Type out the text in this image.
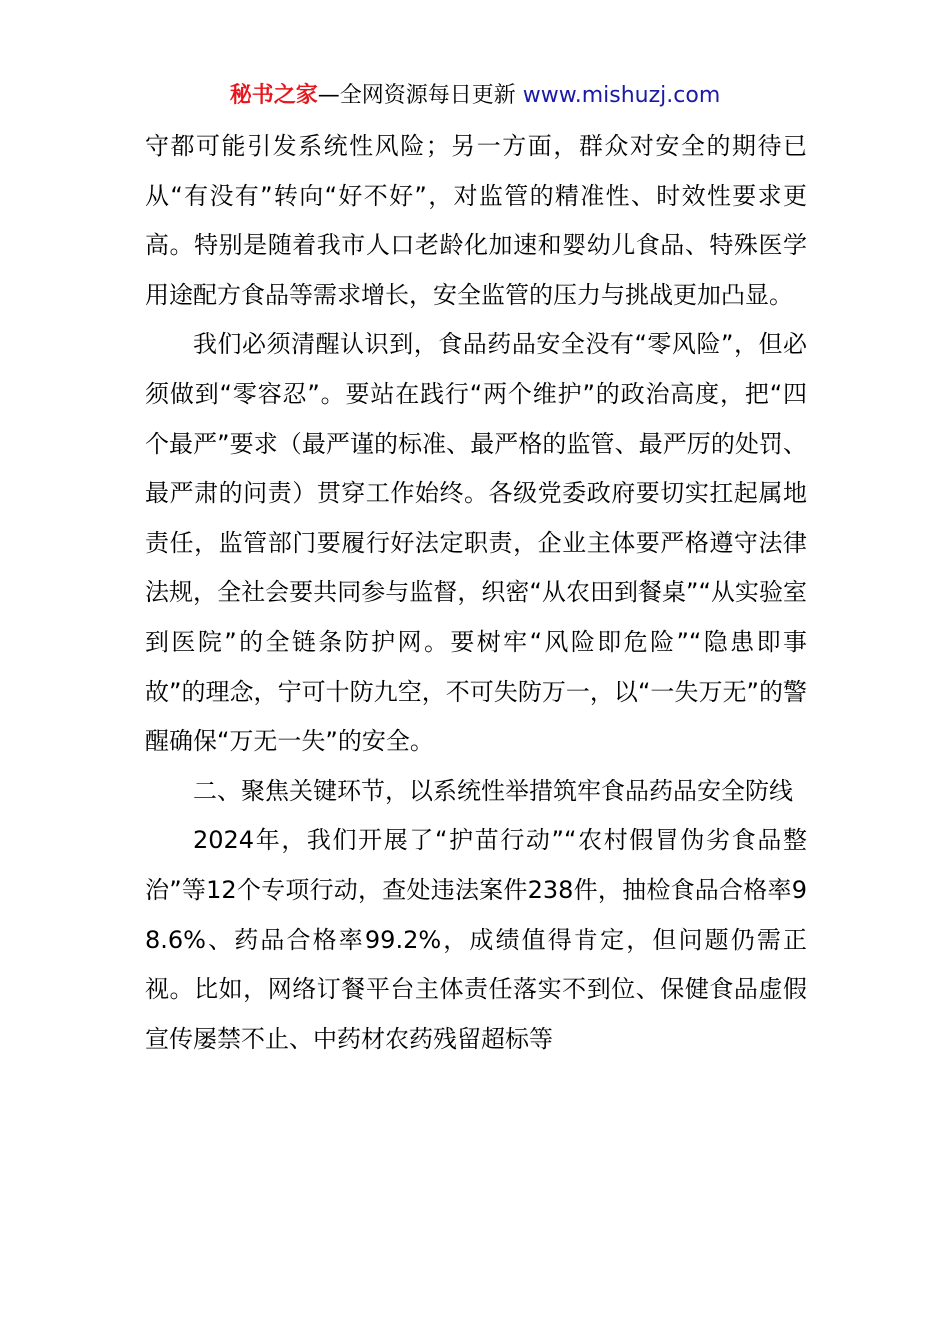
秘书之家—全网资源每日更新 www.mishuzj.com

守都可能引发系统性风险；另一方面，群众对安全的期待已从“有没有”转向“好不好”，对监管的精准性、时效性要求更高。特别是随着我市人口老龄化加速和婴幼儿食品、特殊医学用途配方食品等需求增长，安全监管的压力与挑战更加凸显。

我们必须清醒认识到，食品药品安全没有“零风险”，但必须做到“零容忍”。要站在践行“两个维护”的政治高度，把“四个最严”要求（最严谨的标准、最严格的监管、最严厉的处罚、最严肃的问责）贯穿工作始终。各级党委政府要切实扛起属地责任，监管部门要履行好法定职责，企业主体要严格遵守法律法规，全社会要共同参与监督，织密“从农田到餐桌”“从实验室到医院”的全链条防护网。要树牢“风险即危险”“隐患即事故”的理念，宁可十防九空，不可失防万一，以“一失万无”的警醒确保“万无一失”的安全。

二、聚焦关键环节，以系统性举措筑牢食品药品安全防线

2024年，我们开展了“护苗行动”“农村假冒伪劣食品整治”等12个专项行动，查处违法案件238件，抽检食品合格率98.6%、药品合格率99.2%，成绩值得肯定，但问题仍需正视。比如，网络订餐平台主体责任落实不到位、保健食品虚假宣传屡禁不止、中药材农药残留超标等
